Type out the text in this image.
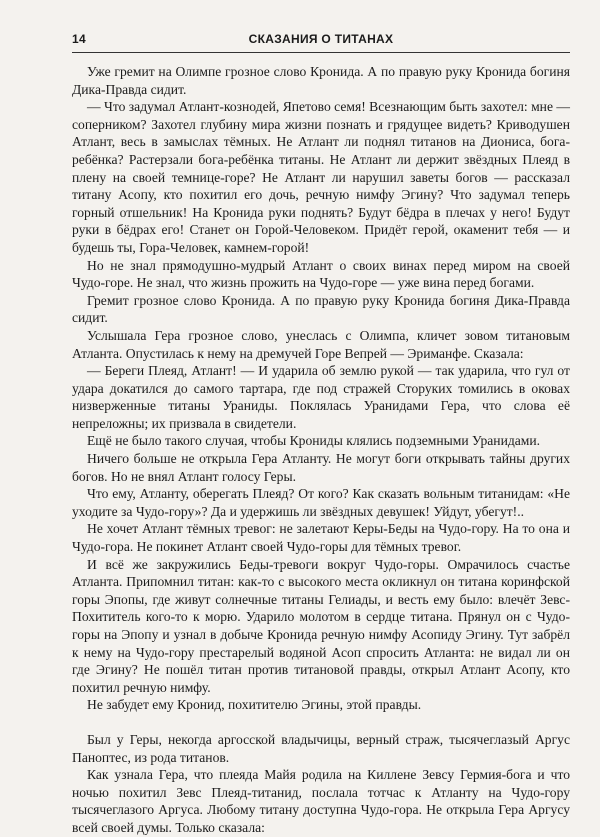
14	СКАЗАНИЯ О ТИТАНАХ

Уже гремит на Олимпе грозное слово Кронида. А по правую руку Кронида богиня Дика-Правда сидит.

— Что задумал Атлант-кознодей, Япетово семя! Всезнающим быть захотел: мне — соперником? Захотел глубину мира жизни познать и грядущее видеть? Криводушен Атлант, весь в замыслах тёмных. Не Атлант ли поднял титанов на Диониса, бога-ребёнка? Растерзали бога-ребёнка титаны. Не Атлант ли держит звёздных Плеяд в плену на своей темнице-горе? Не Атлант ли нарушил заветы богов — рассказал титану Асопу, кто похитил его дочь, речную нимфу Эгину? Что задумал теперь горный отшельник! На Кронида руки поднять? Будут бёдра в плечах у него! Будут руки в бёдрах его! Станет он Горой-Человеком. Придёт герой, окаменит тебя — и будешь ты, Гора-Человек, камнем-горой!

Но не знал прямодушно-мудрый Атлант о своих винах перед миром на своей Чудо-горе. Не знал, что жизнь прожить на Чудо-горе — уже вина перед богами.

Гремит грозное слово Кронида. А по правую руку Кронида богиня Дика-Правда сидит.

Услышала Гера грозное слово, унеслась с Олимпа, кличет зовом титановым Атланта. Опустилась к нему на дремучей Горе Вепрей — Эриманфе. Сказала:

— Береги Плеяд, Атлант! — И ударила об землю рукой — так ударила, что гул от удара докатился до самого тартара, где под стражей Сторуких томились в оковах низверженные титаны Ураниды. Поклялась Уранидами Гера, что слова её непреложны; их призвала в свидетели.

Ещё не было такого случая, чтобы Крониды клялись подземными Уранидами.

Ничего больше не открыла Гера Атланту. Не могут боги открывать тайны других богов. Но не внял Атлант голосу Геры.

Что ему, Атланту, оберегать Плеяд? От кого? Как сказать вольным титанидам: «Не уходите за Чудо-гору»? Да и удержишь ли звёздных девушек! Уйдут, убегут!..

Не хочет Атлант тёмных тревог: не залетают Керы-Беды на Чудо-гору. На то она и Чудо-гора. Не покинет Атлант своей Чудо-горы для тёмных тревог.

И всё же закружились Беды-тревоги вокруг Чудо-горы. Омрачилось счастье Атланта. Припомнил титан: как-то с высокого места окликнул он титана коринфской горы Эпопы, где живут солнечные титаны Гелиады, и весть ему было: влечёт Зевс-Похититель кого-то к морю. Ударило молотом в сердце титана. Прянул он с Чудо-горы на Эпопу и узнал в добыче Кронида речную нимфу Асопиду Эгину. Тут забрёл к нему на Чудо-гору престарелый водяной Асоп спросить Атланта: не видал ли он где Эгину? Не пошёл титан против титановой правды, открыл Атлант Асопу, кто похитил речную нимфу.

Не забудет ему Кронид, похитителю Эгины, этой правды.

Был у Геры, некогда аргосской владычицы, верный страж, тысячеглазый Аргус Паноптес, из рода титанов.

Как узнала Гера, что плеяда Майя родила на Киллене Зевсу Гермия-бога и что ночью похитил Зевс Плеяд-титанид, послала тотчас к Атланту на Чудо-гору тысячеглазого Аргуса. Любому титану доступна Чудо-гора. Не открыла Гера Аргусу всей своей думы. Только сказала:
